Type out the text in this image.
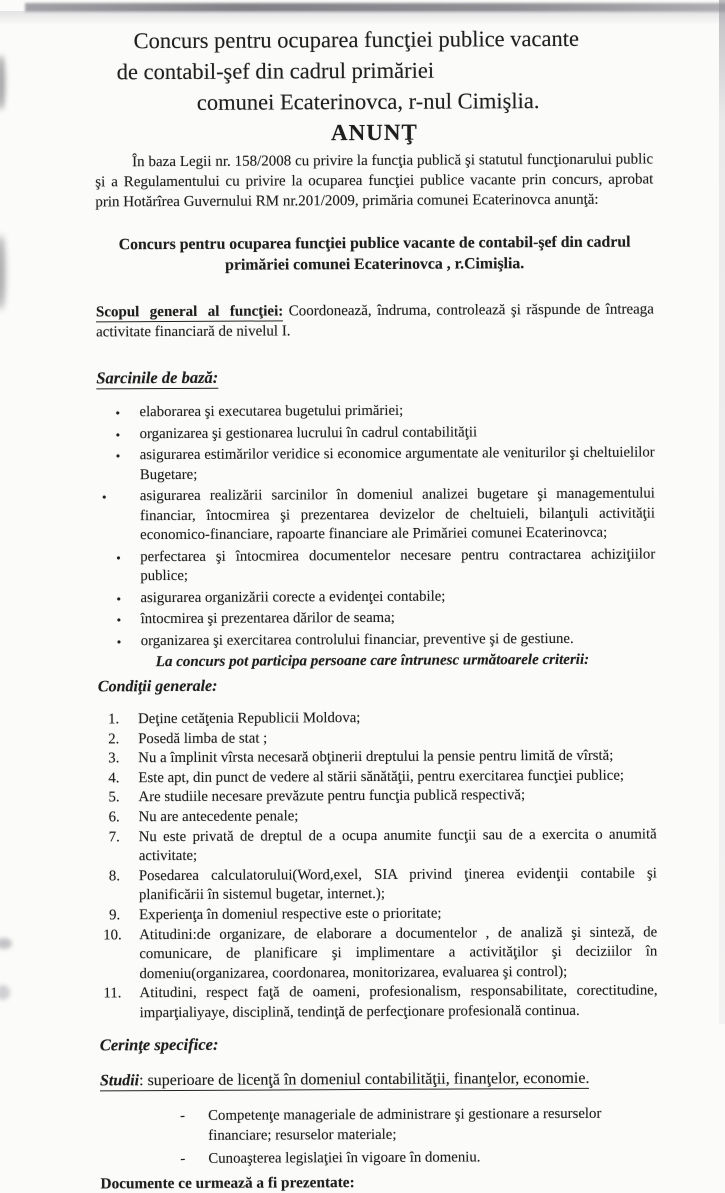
Concurs pentru ocuparea funcţiei publice vacante
de contabil-şef din cadrul primăriei
comunei Ecaterinovca, r-nul Cimişlia.
ANUNŢ

În baza Legii nr. 158/2008 cu privire la funcţia publică şi statutul funcţionarului public şi a Regulamentului cu privire la ocuparea funcţiei publice vacante prin concurs, aprobat prin Hotărîrea Guvernului RM nr.201/2009, primăria comunei Ecaterinovca anunţă:

Concurs pentru ocuparea funcţiei publice vacante de contabil-şef din cadrul
primăriei comunei Ecaterinovca , r.Cimişlia.

Scopul general al funcţiei: Coordonează, îndruma, controlează şi răspunde de întreaga activitate financiară de nivelul I.

Sarcinile de bază:
• elaborarea şi executarea bugetului primăriei;
• organizarea şi gestionarea lucrului în cadrul contabilităţii
• asigurarea estimărilor veridice si economice argumentate ale veniturilor şi cheltuielilor Bugetare;
• asigurarea realizării sarcinilor în domeniul analizei bugetare şi managementului financiar, întocmirea şi prezentarea devizelor de cheltuieli, bilanţuli activităţii economico-financiare, rapoarte financiare ale Primăriei comunei Ecaterinovca;
• perfectarea şi întocmirea documentelor necesare pentru contractarea achiziţiilor publice;
• asigurarea organizării corecte a evidenţei contabile;
• întocmirea şi prezentarea dărilor de seama;
• organizarea şi exercitarea controlului financiar, preventive şi de gestiune.
La concurs pot participa persoane care întrunesc următoarele criterii:
Condiţii generale:
1. Deţine cetăţenia Republicii Moldova;
2. Posedă limba de stat ;
3. Nu a împlinit vîrsta necesară obţinerii dreptului la pensie pentru limită de vîrstă;
4. Este apt, din punct de vedere al stării sănătăţii, pentru exercitarea funcţiei publice;
5. Are studiile necesare prevăzute pentru funcţia publică respectivă;
6. Nu are antecedente penale;
7. Nu este privată de dreptul de a ocupa anumite funcţii sau de a exercita o anumită activitate;
8. Posedarea calculatorului(Word,exel, SIA privind ţinerea evidenţii contabile şi planificării în sistemul bugetar, internet.);
9. Experienţa în domeniul respective este o prioritate;
10. Atitudini:de organizare, de elaborare a documentelor , de analiză şi sinteză, de comunicare, de planificare şi implimentare a activităţilor şi deciziilor în domeniu(organizarea, coordonarea, monitorizarea, evaluarea şi control);
11. Atitudini, respect faţă de oameni, profesionalism, responsabilitate, corectitudine, imparţialiyaye, disciplină, tendinţă de perfecţionare profesională continua.
Cerinţe specifice:
Studii: superioare de licenţă în domeniul contabilităţii, finanţelor, economie.
- Competenţe manageriale de administrare şi gestionare a resurselor financiare; resurselor materiale;
- Cunoaşterea legislaţiei în vigoare în domeniu.
Documente ce urmează a fi prezentate:
